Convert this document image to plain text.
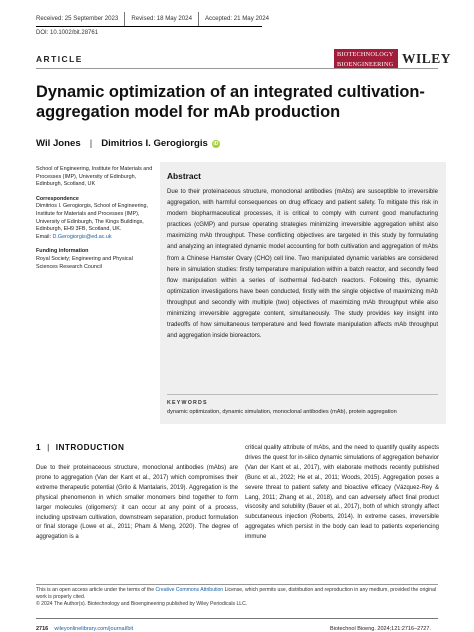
Received: 25 September 2023	Revised: 18 May 2024	Accepted: 21 May 2024
DOI: 10.1002/bit.28761
ARTICLE	BIOTECHNOLOGY
BIOENGINEERING WILEY
Dynamic optimization of an integrated cultivation-aggregation model for mAb production
Wil Jones | Dimitrios I. Gerogiorgis	iD

School of Engineering, Institute for Materials and Processes (IMP), University of Edinburgh, Edinburgh, Scotland, UK

Correspondence
Dimitrios I. Gerogiorgis, School of Engineering, Institute for Materials and Processes (IMP), University of Edinburgh, The Kings Buildings, Edinburgh, EH9 3FB, Scotland, UK.
Email: D.Gerogiorgis@ed.ac.uk

Funding information
Royal Society; Engineering and Physical Sciences Research Council

Abstract
Due to their proteinaceous structure, monoclonal antibodies (mAbs) are susceptible to irreversible aggregation, with harmful consequences on drug efficacy and patient safety. To mitigate this risk in modern biopharmaceutical processes, it is critical to comply with current good manufacturing practices (cGMP) and pursue operating strategies minimizing irreversible aggregation whilst also maximizing mAb throughput. These conflicting objectives are targeted in this study by formulating and analyzing an integrated dynamic model accounting for both cultivation and aggregation of mAbs from a Chinese Hamster Ovary (CHO) cell line. Two manipulated dynamic variables are considered here in simulation studies: firstly temperature manipulation within a batch reactor, and secondly feed flow manipulation within a series of isothermal fed-batch reactors. Following this, dynamic optimization investigations have been conducted, firstly with the single objective of maximizing mAb throughput and secondly with multiple (two) objectives of maximizing mAb throughput while also minimizing irreversible aggregate content, simultaneously. The study provides key insight into tradeoffs of how simultaneous temperature and feed flowrate manipulation affects mAb throughput and aggregation inside bioreactors.
KEYWORDS
dynamic optimization, dynamic simulation, monoclonal antibodies (mAb), protein aggregation
1 | INTRODUCTION
Due to their proteinaceous structure, monoclonal antibodies (mAbs) are prone to aggregation (Van der Kant et al., 2017) which compromises their extreme therapeutic potential (Grilo & Mantalaris, 2019). Aggregation is the physical phenomenon in which smaller monomers bind together to form larger molecules (oligomers): it can occur at any point of a process, including upstream cultivation, downstream separation, product formulation or final storage (Lowe et al., 2011; Pham & Meng, 2020). The degree of aggregation is a
critical quality attribute of mAbs, and the need to quantify quality aspects drives the quest for in-silico dynamic simulations of aggregation behavior (Van der Kant et al., 2017), with elaborate methods recently published (Bunc et al., 2022; He et al., 2011; Woods, 2015). Aggregation poses a severe threat to patient safety and bioactive efficacy (Vázquez-Rey & Lang, 2011; Zhang et al., 2018), and can adversely affect final product viscosity and solubility (Bauer et al., 2017), both of which strongly affect subcutaneous injection (Roberts, 2014). In extreme cases, irreversible aggregates which persist in the body can lead to patients experiencing immune
This is an open access article under the terms of the Creative Commons Attribution License, which permits use, distribution and reproduction in any medium, provided the original work is properly cited.
© 2024 The Author(s). Biotechnology and Bioengineering published by Wiley Periodicals LLC.
2716 wileyonlinelibrary.com/journal/bit	Biotechnol Bioeng. 2024;121:2716–2727.
